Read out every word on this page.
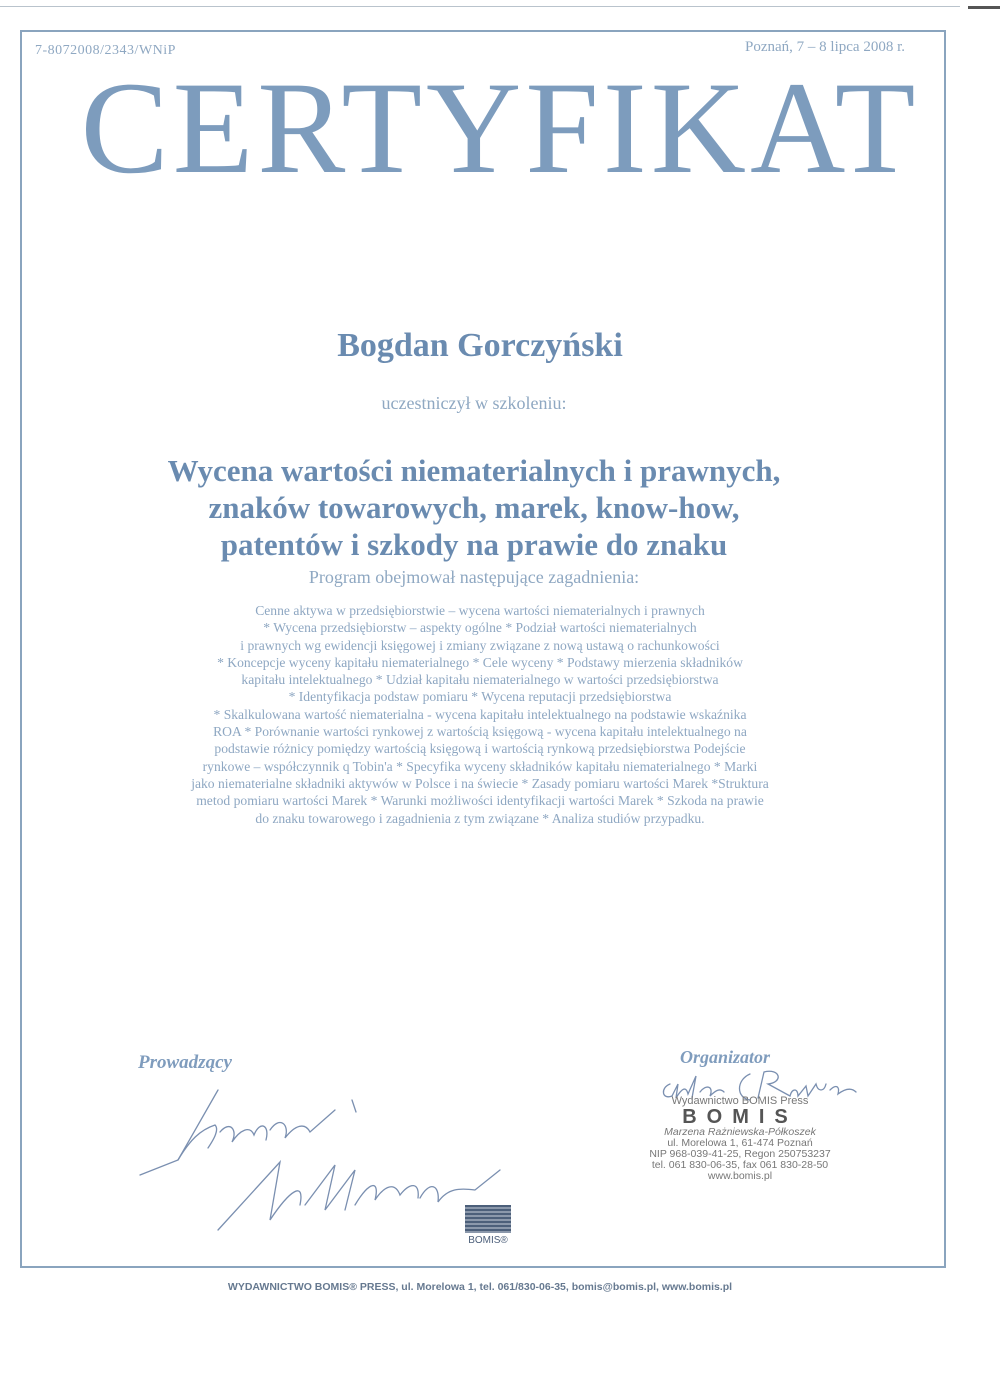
7-8072008/2343/WNiP	Poznań, 7 – 8 lipca 2008 r.
CERTYFIKAT
Bogdan Gorczyński
uczestniczył w szkoleniu:
Wycena wartości niematerialnych i prawnych,
znaków towarowych, marek, know-how,
patentów i szkody na prawie do znaku
Program obejmował następujące zagadnienia:
Cenne aktywa w przedsiębiorstwie – wycena wartości niematerialnych i prawnych
* Wycena przedsiębiorstw – aspekty ogólne * Podział wartości niematerialnych
i prawnych wg ewidencji księgowej i zmiany związane z nową ustawą o rachunkowości
* Koncepcje wyceny kapitału niematerialnego * Cele wyceny * Podstawy mierzenia składników
kapitału intelektualnego * Udział kapitału niematerialnego w wartości przedsiębiorstwa
* Identyfikacja podstaw pomiaru * Wycena reputacji przedsiębiorstwa
* Skalkulowana wartość niematerialna - wycena kapitału intelektualnego na podstawie wskaźnika
ROA * Porównanie wartości rynkowej z wartością księgową - wycena kapitału intelektualnego na
podstawie różnicy pomiędzy wartością księgową i wartością rynkową przedsiębiorstwa Podejście
rynkowe – współczynnik q Tobin'a * Specyfika wyceny składników kapitału niematerialnego * Marki
jako niematerialne składniki aktywów w Polsce i na świecie * Zasady pomiaru wartości Marek *Struktura
metod pomiaru wartości Marek * Warunki możliwości identyfikacji wartości Marek * Szkoda na prawie
do znaku towarowego i zagadnienia z tym związane * Analiza studiów przypadku.
Prowadzący	Organizator
Wydawnictwo BOMIS Press
BOMIS
Marzena Rażniewska-Półkoszek
ul. Morelowa 1, 61-474 Poznań
NIP 968-039-41-25, Regon 250753237
tel. 061 830-06-35, fax 061 830-28-50
www.bomis.pl
BOMIS®
WYDAWNICTWO BOMIS® PRESS, ul. Morelowa 1, tel. 061/830-06-35, bomis@bomis.pl, www.bomis.pl
